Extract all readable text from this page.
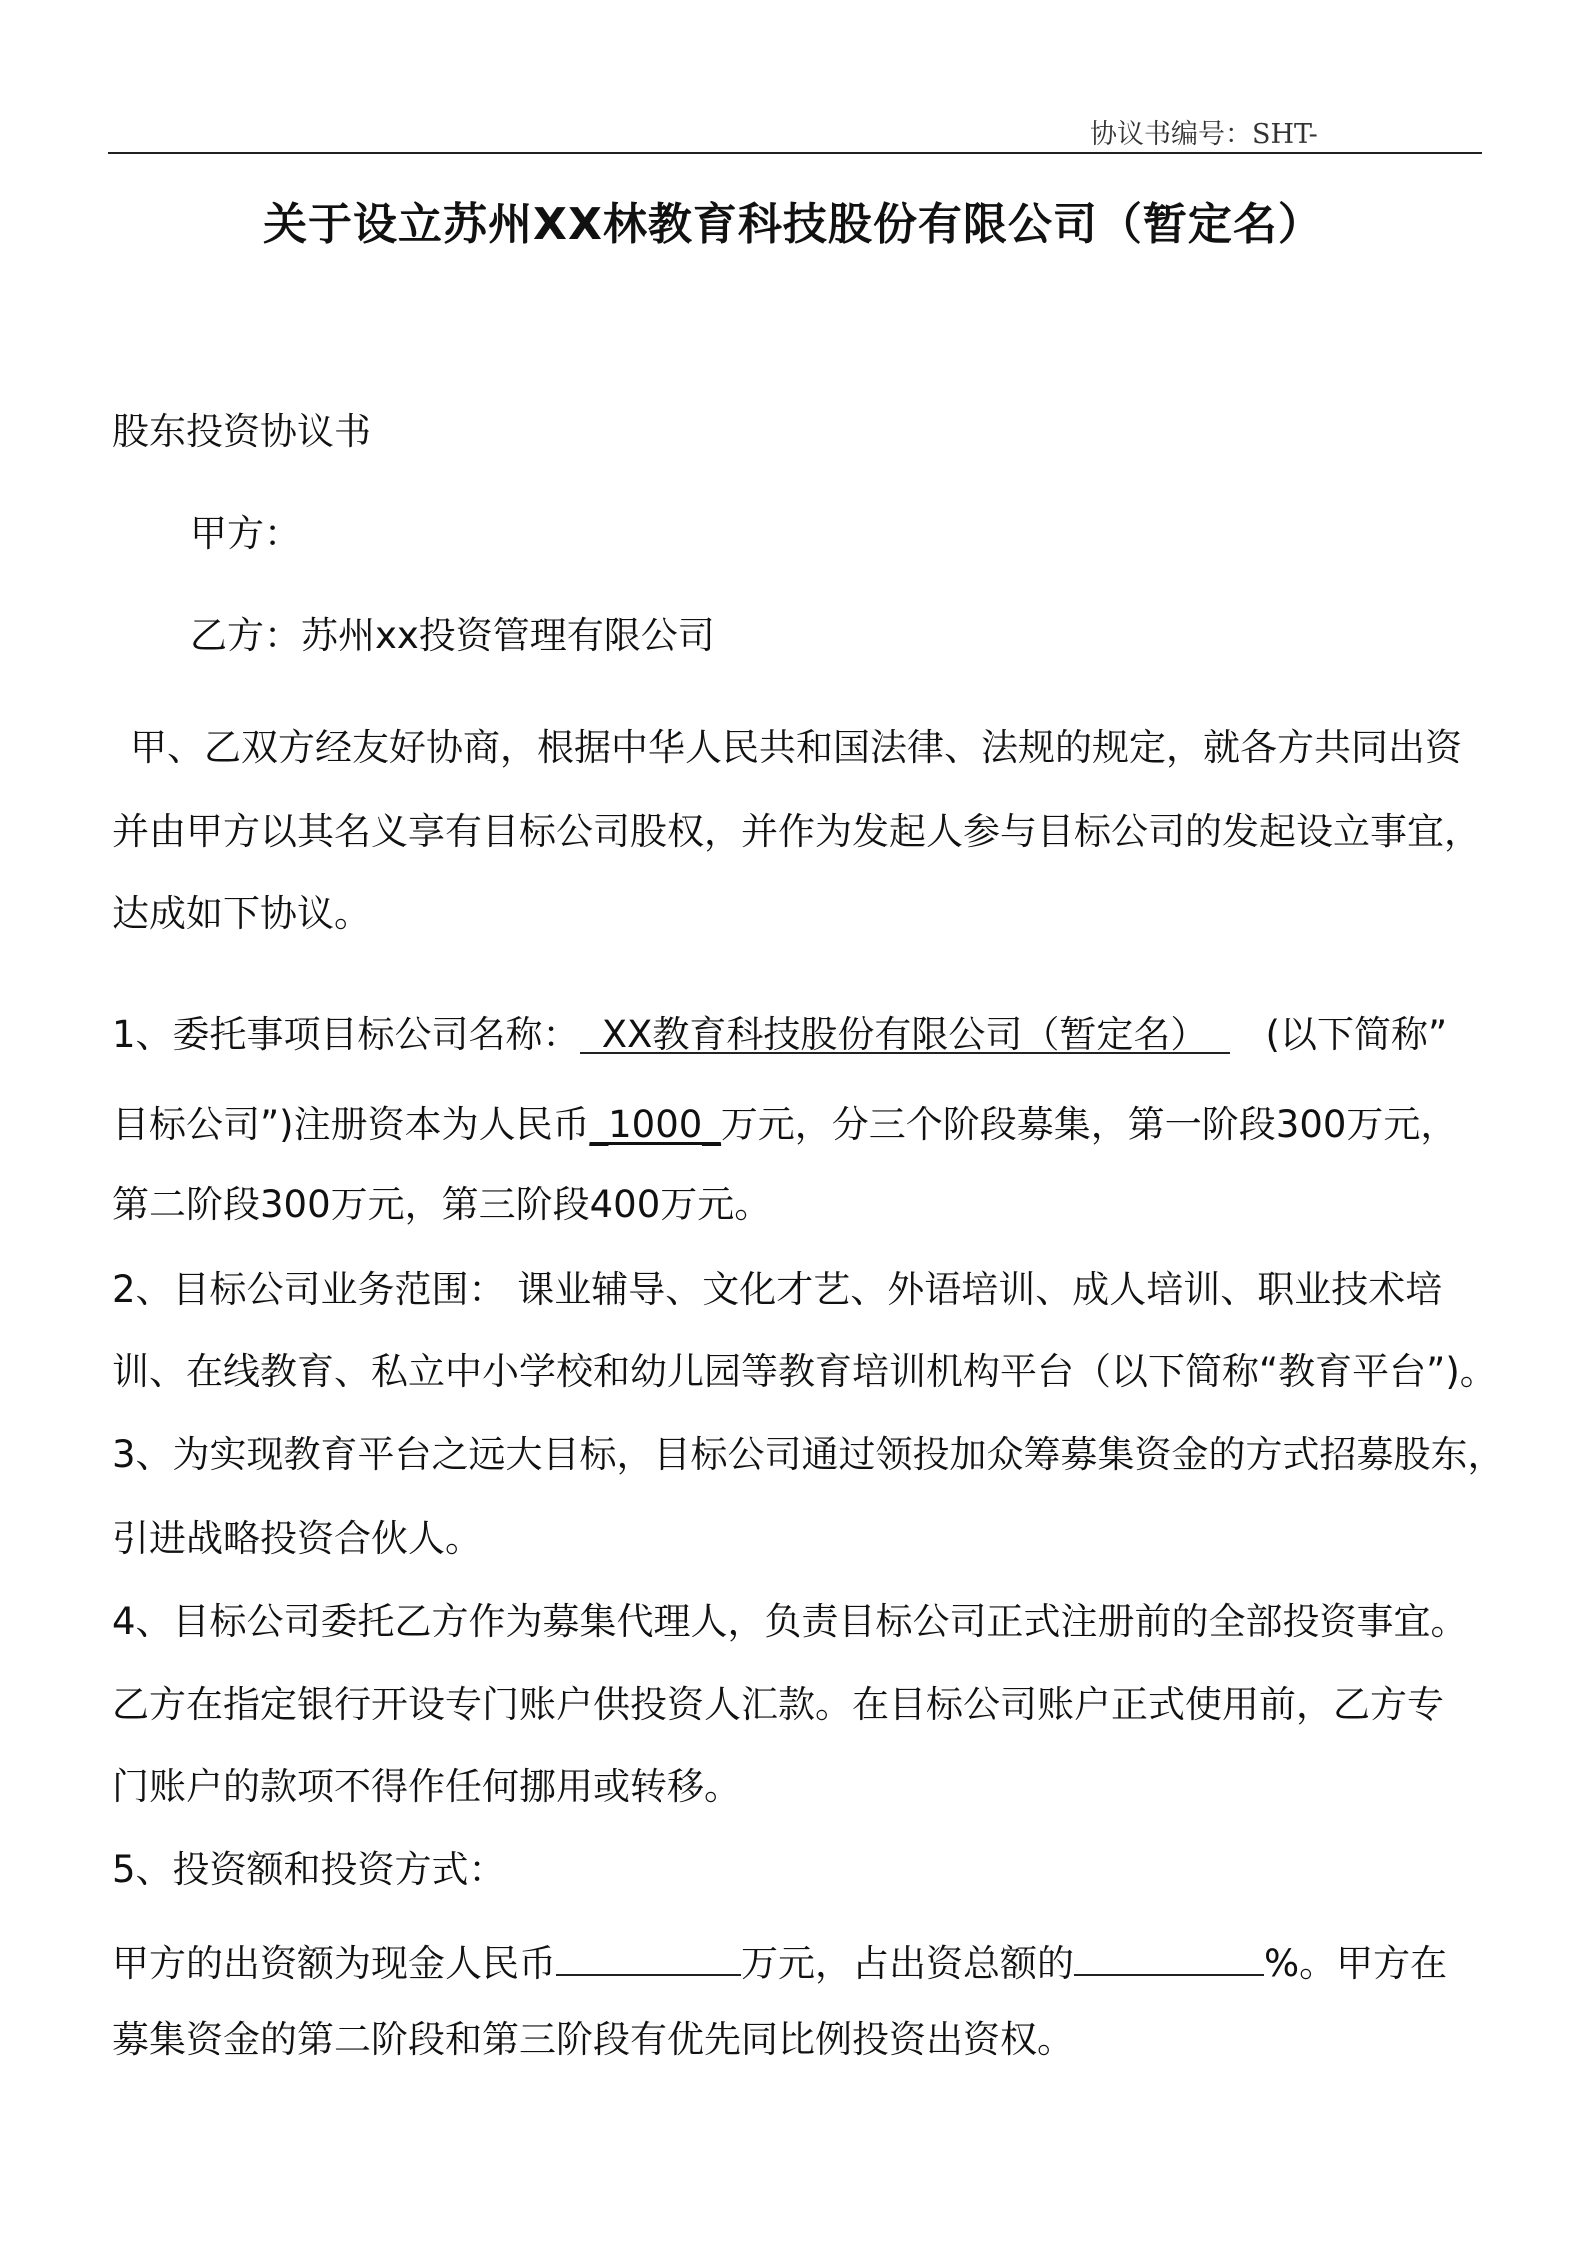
协议书编号：SHT-
关于设立苏州XX林教育科技股份有限公司（暂定名）
股东投资协议书
甲方：
乙方：苏州xx投资管理有限公司
甲、乙双方经友好协商，根据中华人民共和国法律、法规的规定，就各方共同出资
并由甲方以其名义享有目标公司股权，并作为发起人参与目标公司的发起设立事宜，
达成如下协议。
1、委托事项目标公司名称： XX教育科技股份有限公司（暂定名） (以下简称”
目标公司”)注册资本为人民币_1000_万元，分三个阶段募集，第一阶段300万元，
第二阶段300万元，第三阶段400万元。
2、目标公司业务范围： 课业辅导、文化才艺、外语培训、成人培训、职业技术培
训、在线教育、私立中小学校和幼儿园等教育培训机构平台（以下简称“教育平台”)。
3、为实现教育平台之远大目标，目标公司通过领投加众筹募集资金的方式招募股东，
引进战略投资合伙人。
4、目标公司委托乙方作为募集代理人，负责目标公司正式注册前的全部投资事宜。
乙方在指定银行开设专门账户供投资人汇款。在目标公司账户正式使用前，乙方专
门账户的款项不得作任何挪用或转移。
5、投资额和投资方式：
甲方的出资额为现金人民币	万元，占出资总额的	%。甲方在
募集资金的第二阶段和第三阶段有优先同比例投资出资权。
